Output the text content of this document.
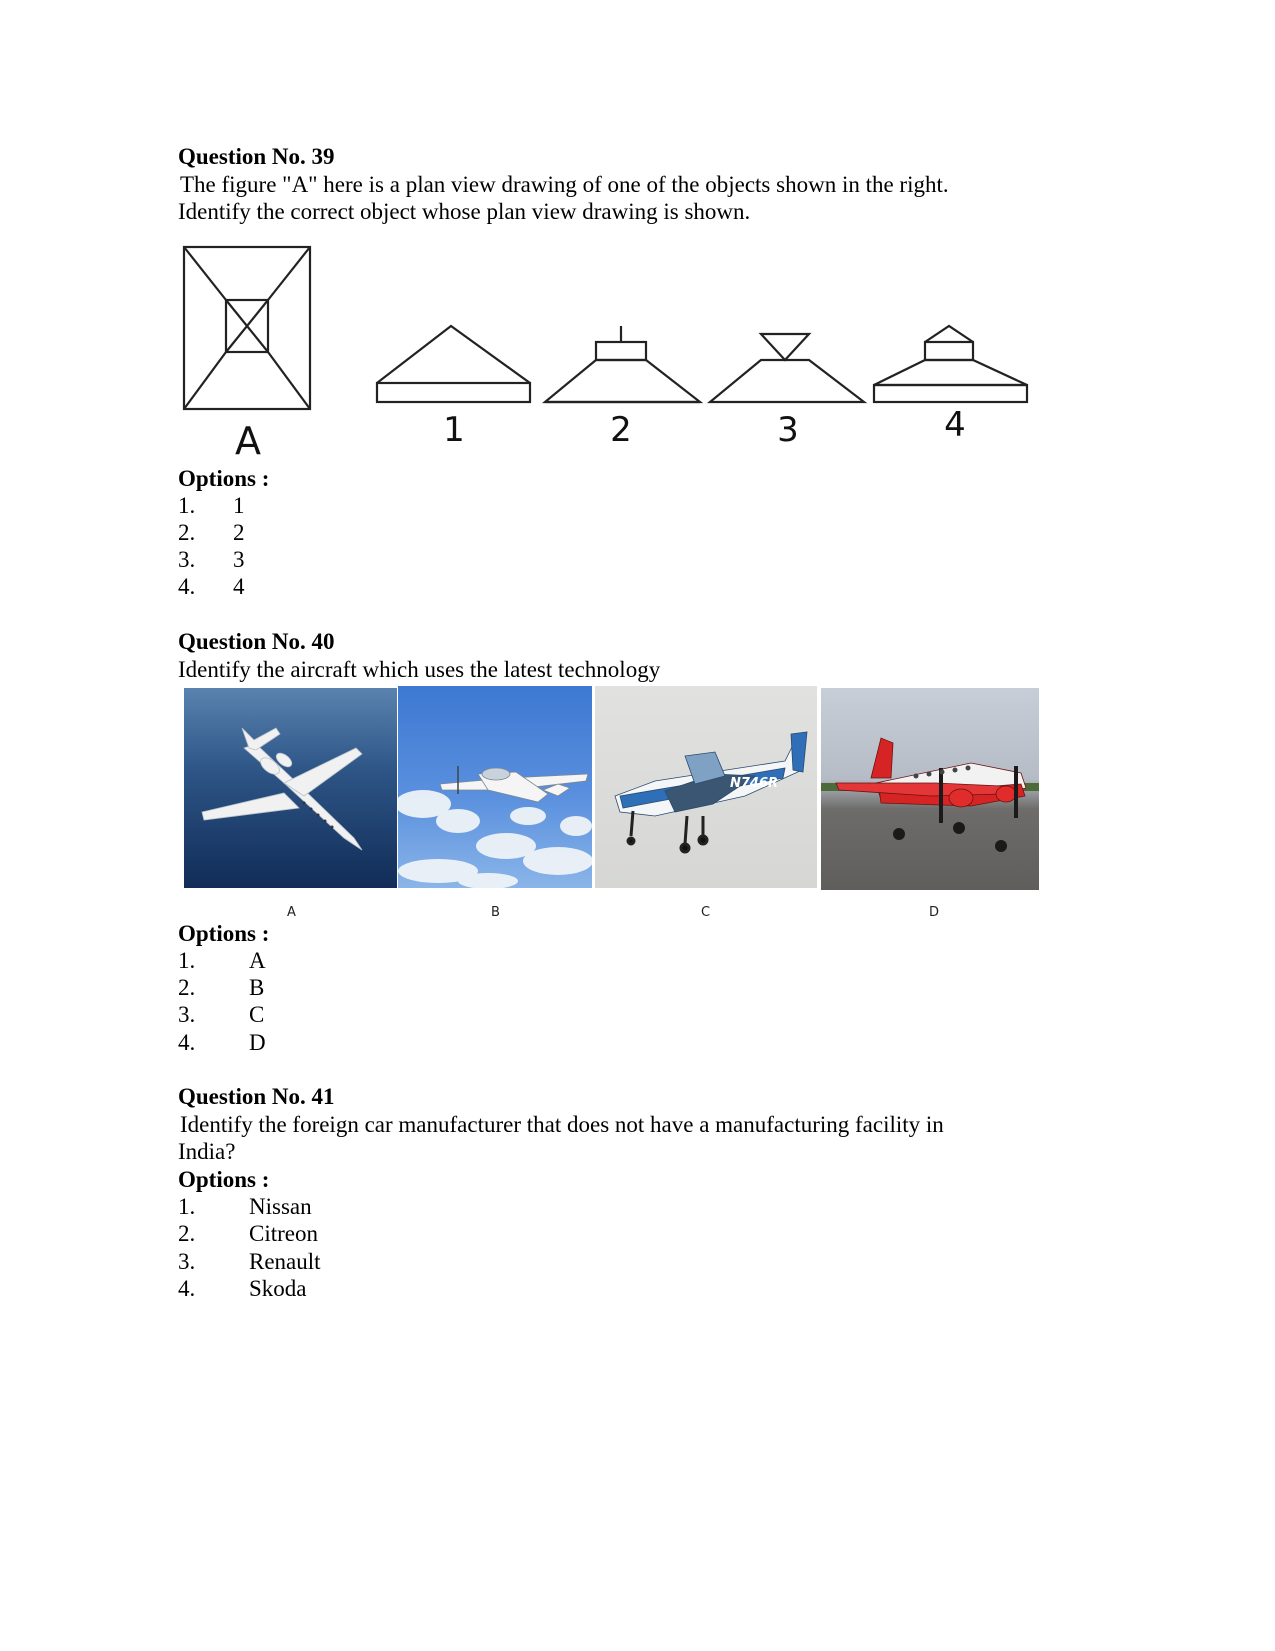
Question No. 39
The figure "A" here is a plan view drawing of one of the objects shown in the right.
Identify the correct object whose plan view drawing is shown.
A	1	2	3	4
Options :
1. 1
2. 2
3. 3
4. 4
Question No. 40
Identify the aircraft which uses the latest technology
N746R
A	B	C	D
Options :
1. A
2. B
3. C
4. D
Question No. 41
Identify the foreign car manufacturer that does not have a manufacturing facility in
India?
Options :
1. Nissan
2. Citreon
3. Renault
4. Skoda
